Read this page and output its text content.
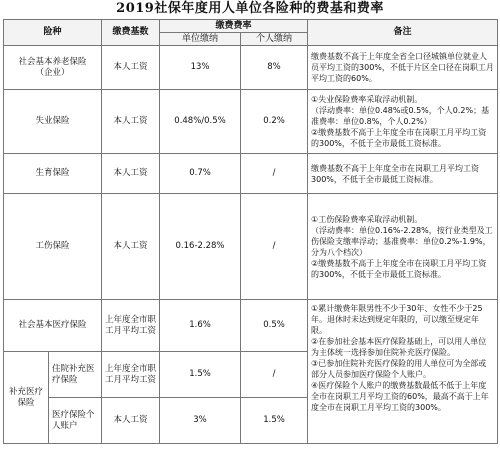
2019社保年度用人单位各险种的费基和费率
险种		缴费基数	缴费费率		备注
			单位缴纳	个人缴纳	
社会基本养老保险
（企业）		本人工资	13%	8%	缴费基数不高于上年度全省全口径城镇单位就业人员平均工资的300%，不低于片区全口径在岗职工月平均工资的60%。
失业保险		本人工资	0.48%/0.5%	0.2%	①失业保险费率采取浮动机制。
（浮动费率：单位0.48%或0.5%，个人0.2%；基准费率：单位0.8%，个人0.2%）
②缴费基数不高于上年度全市在岗职工月平均工资的300%，不低于全市最低工资标准。
生育保险		本人工资	0.7%	/	缴费基数不高于上年度全市在岗职工月平均工资300%，不低于全市最低工资标准。
工伤保险		本人工资	0.16-2.28%	/	①工伤保险费率采取浮动机制。
（浮动费率：单位0.16%-2.28%，按行业类型及工伤保险支缴率浮动；基准费率：单位0.2%-1.9%，分为八个档次）
②缴费基数不高于上年度全市在岗职工月平均工资的300%，不低于全市最低工资标准。
社会基本医疗保险		上年度全市职工月平均工资	1.6%	0.5%	①累计缴费年限男性不少于30年、女性不少于25年。退休时未达到规定年限的，可以缴至规定年限。
②在参加社会基本医疗保险基础上，可以用人单位为主体统一选择参加住院补充医疗保险。
③已参加住院补充医疗保险的用人单位可为全部或部分人员参加医疗保险个人账户。
④医疗保险个人账户的缴费基数最低不低于上年度全市在岗职工月平均工资的60%，最高不高于上年度全市在岗职工月平均工资的300%。
补充医疗保险	住院补充医疗保险	上年度全市职工月平均工资	1.5%	/	
	医疗保险个人账户	本人工资	3%	1.5%	
